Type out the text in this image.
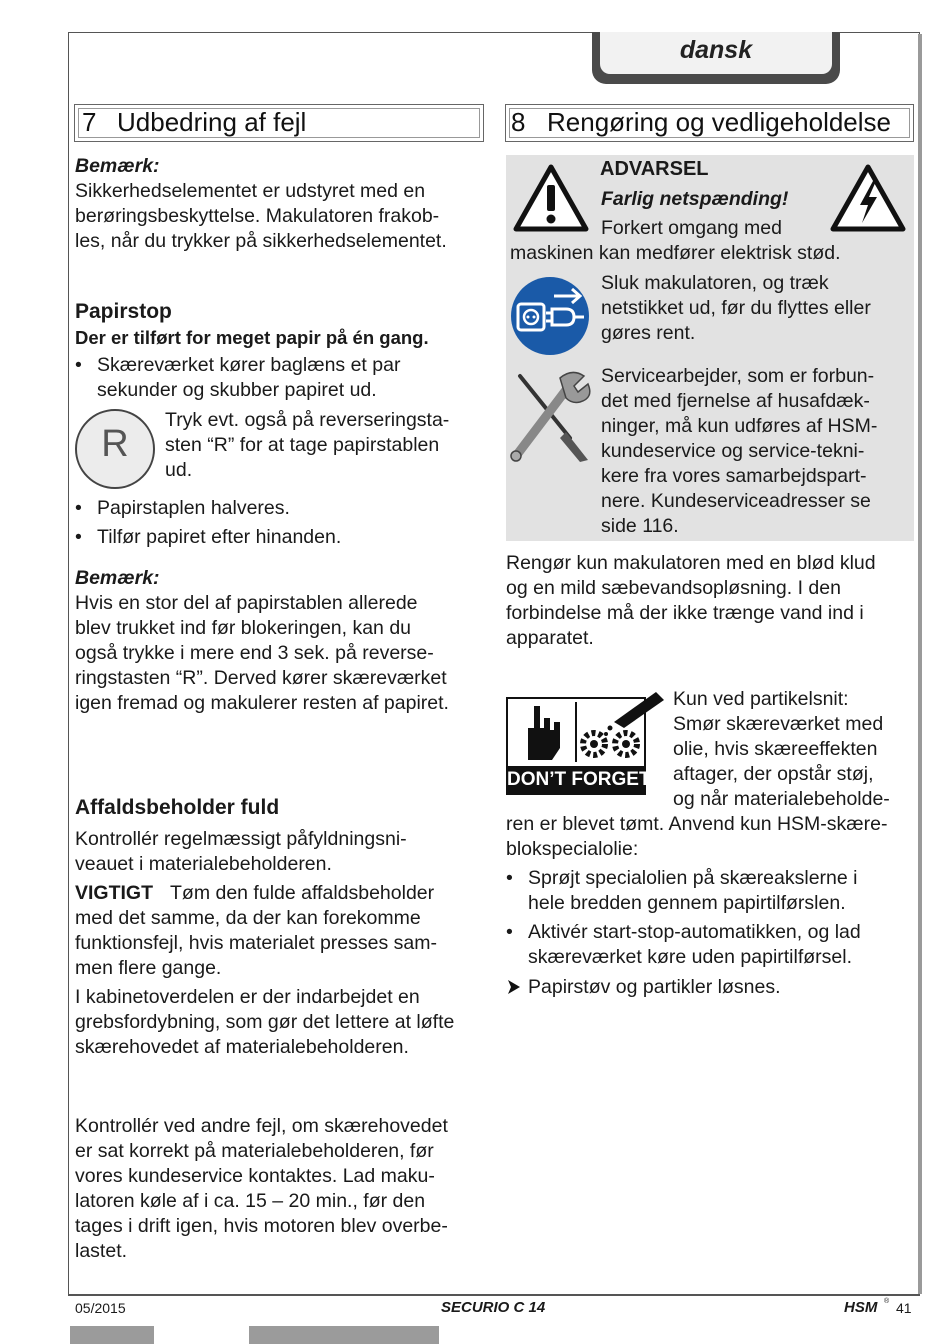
dansk
7 Udbedring af fejl
Bemærk:
Sikkerhedselementet er udstyret med en
berøringsbeskyttelse. Makulatoren frakob-
les, når du trykker på sikkerhedselementet.
Papirstop
Der er tilført for meget papir på én gang.
• Skæreværket kører baglæns et par
sekunder og skubber papiret ud.
R
Tryk evt. også på reverseringsta-
sten “R” for at tage papirstablen
ud.
• Papirstaplen halveres.
• Tilfør papiret efter hinanden.
Bemærk:
Hvis en stor del af papirstablen allerede
blev trukket ind før blokeringen, kan du
også trykke i mere end 3 sek. på reverse-
ringstasten “R”. Derved kører skæreværket
igen fremad og makulerer resten af papiret.
Affaldsbeholder fuld
Kontrollér regelmæssigt påfyldningsni-
veauet i materialebeholderen.
VIGTIGT Tøm den fulde affaldsbeholder
med det samme, da der kan forekomme
funktionsfejl, hvis materialet presses sam-
men flere gange.
I kabinetoverdelen er der indarbejdet en
grebsfordybning, som gør det lettere at løfte
skærehovedet af materialebeholderen.
Kontrollér ved andre fejl, om skærehovedet
er sat korrekt på materialebeholderen, før
vores kundeservice kontaktes. Lad maku-
latoren køle af i ca. 15 – 20 min., før den
tages i drift igen, hvis motoren blev overbe-
lastet.
8 Rengøring og vedligeholdelse
ADVARSEL
Farlig netspænding!
Forkert omgang med
maskinen kan medfører elektrisk stød.
Sluk makulatoren, og træk
netstikket ud, før du flyttes eller
gøres rent.
Servicearbejder, som er forbun-
det med fjernelse af husafdæk-
ninger, må kun udføres af HSM-
kundeservice og service-tekni-
kere fra vores samarbejdspart-
nere. Kundeserviceadresser se
side 116.
Rengør kun makulatoren med en blød klud
og en mild sæbevandsopløsning. I den
forbindelse må der ikke trænge vand ind i
apparatet.
DON’T FORGET
Kun ved partikelsnit:
Smør skæreværket med
olie, hvis skæreeffekten
aftager, der opstår støj,
og når materialebeholde-
ren er blevet tømt. Anvend kun HSM-skære-
blokspecialolie:
• Sprøjt specialolien på skæreakslerne i
hele bredden gennem papirtilførslen.
• Aktivér start-stop-automatikken, og lad
skæreværket køre uden papirtilførsel.
Papirstøv og partikler løsnes.
05/2015	SECURIO C 14	HSM ® 41
